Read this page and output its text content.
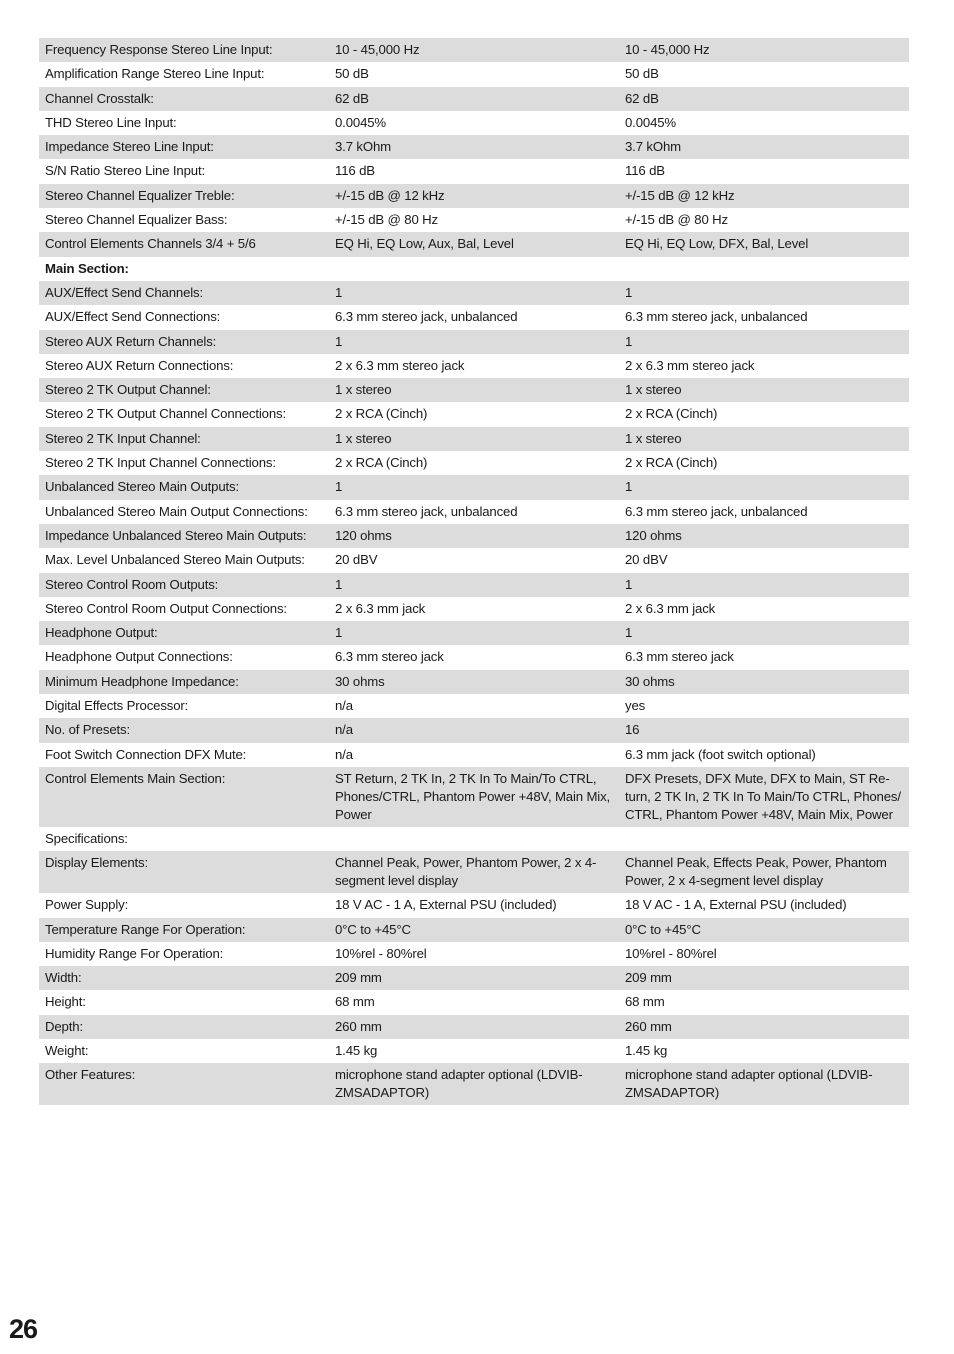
Frequency Response Stereo Line Input:	10 - 45,000 Hz	10 - 45,000 Hz
Amplification Range Stereo Line Input:	50 dB	50 dB
Channel Crosstalk:	62 dB	62 dB
THD Stereo Line Input:	0.0045%	0.0045%
Impedance Stereo Line Input:	3.7 kOhm	3.7 kOhm
S/N Ratio Stereo Line Input:	116 dB	116 dB
Stereo Channel Equalizer Treble:	+/-15 dB @ 12 kHz	+/-15 dB @ 12 kHz
Stereo Channel Equalizer Bass:	+/-15 dB @ 80 Hz	+/-15 dB @ 80 Hz
Control Elements Channels 3/4 + 5/6	EQ Hi, EQ Low, Aux, Bal, Level	EQ Hi, EQ Low, DFX, Bal, Level
Main Section:		
AUX/Effect Send Channels:	1	1
AUX/Effect Send Connections:	6.3 mm stereo jack, unbalanced	6.3 mm stereo jack, unbalanced
Stereo AUX Return Channels:	1	1
Stereo AUX Return Connections:	2 x 6.3 mm stereo jack	2 x 6.3 mm stereo jack
Stereo 2 TK Output Channel:	1 x stereo	1 x stereo
Stereo 2 TK Output Channel Connections:	2 x RCA (Cinch)	2 x RCA (Cinch)
Stereo 2 TK Input Channel:	1 x stereo	1 x stereo
Stereo 2 TK Input Channel Connections:	2 x RCA (Cinch)	2 x RCA (Cinch)
Unbalanced Stereo Main Outputs:	1	1
Unbalanced Stereo Main Output Connections:	6.3 mm stereo jack, unbalanced	6.3 mm stereo jack, unbalanced
Impedance Unbalanced Stereo Main Outputs:	120 ohms	120 ohms
Max. Level Unbalanced Stereo Main Outputs:	20 dBV	20 dBV
Stereo Control Room Outputs:	1	1
Stereo Control Room Output Connections:	2 x 6.3 mm jack	2 x 6.3 mm jack
Headphone Output:	1	1
Headphone Output Connections:	6.3 mm stereo jack	6.3 mm stereo jack
Minimum Headphone Impedance:	30 ohms	30 ohms
Digital Effects Processor:	n/a	yes
No. of Presets:	n/a	16
Foot Switch Connection DFX Mute:	n/a	6.3 mm jack (foot switch optional)
Control Elements Main Section:	ST Return, 2 TK In, 2 TK In To Main/To CTRL, Phones/CTRL, Phantom Power +48V, Main Mix, Power	DFX Presets, DFX Mute, DFX to Main, ST Re-turn, 2 TK In, 2 TK In To Main/To CTRL, Phones/ CTRL, Phantom Power +48V, Main Mix, Power
Specifications:		
Display Elements:	Channel Peak, Power, Phantom Power, 2 x 4-segment level display	Channel Peak, Effects Peak, Power, Phantom Power, 2 x 4-segment level display
Power Supply:	18 V AC - 1 A, External PSU (included)	18 V AC - 1 A, External PSU (included)
Temperature Range For Operation:	0°C to +45°C	0°C to +45°C
Humidity Range For Operation:	10%rel - 80%rel	10%rel - 80%rel
Width:	209 mm	209 mm
Height:	68 mm	68 mm
Depth:	260 mm	260 mm
Weight:	1.45 kg	1.45 kg
Other Features:	microphone stand adapter optional (LDVIB-ZMSADAPTOR)	microphone stand adapter optional (LDVIB-ZMSADAPTOR)
26
